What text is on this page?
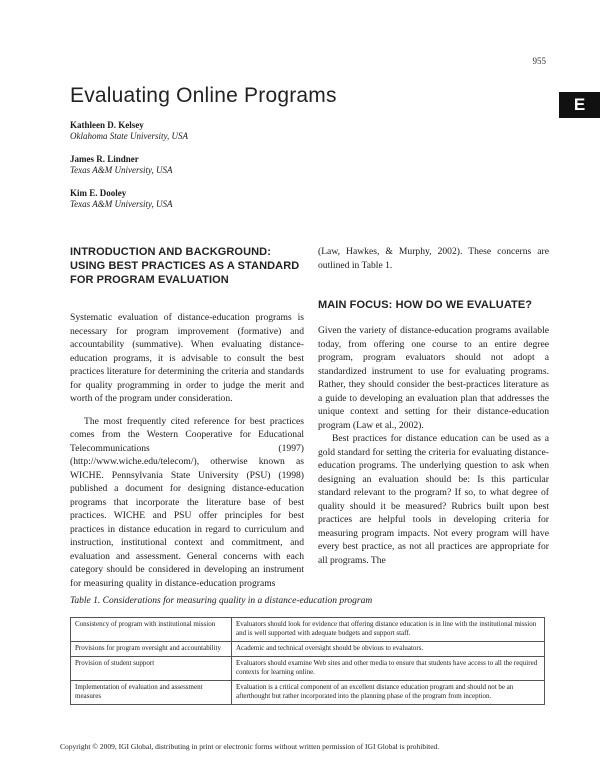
955
E
Evaluating Online Programs
Kathleen D. Kelsey
Oklahoma State University, USA
James R. Lindner
Texas A&M University, USA
Kim E. Dooley
Texas A&M University, USA
INTRODUCTION AND BACKGROUND: USING BEST PRACTICES AS A STANDARD FOR PROGRAM EVALUATION

Systematic evaluation of distance-education programs is necessary for program improvement (formative) and accountability (summative). When evaluating distance-education programs, it is advisable to consult the best practices literature for determining the criteria and standards for quality programming in order to judge the merit and worth of the program under consideration.

The most frequently cited reference for best practices comes from the Western Cooperative for Educational Telecommunications (1997) (http://www.wiche.edu/telecom/), otherwise known as WICHE. Pennsylvania State University (PSU) (1998) published a document for designing distance-education programs that incorporate the literature base of best practices. WICHE and PSU offer principles for best practices in distance education in regard to curriculum and instruction, institutional context and commitment, and evaluation and assessment. General concerns with each category should be considered in developing an instrument for measuring quality in distance-education programs

(Law, Hawkes, & Murphy, 2002). These concerns are outlined in Table 1.

MAIN FOCUS: HOW DO WE EVALUATE?

Given the variety of distance-education programs available today, from offering one course to an entire degree program, program evaluators should not adopt a standardized instrument to use for evaluating programs. Rather, they should consider the best-practices literature as a guide to developing an evaluation plan that addresses the unique context and setting for their distance-education program (Law et al., 2002).

Best practices for distance education can be used as a gold standard for setting the criteria for evaluating distance-education programs. The underlying question to ask when designing an evaluation should be: Is this particular standard relevant to the program? If so, to what degree of quality should it be measured? Rubrics built upon best practices are helpful tools in developing criteria for measuring program impacts. Not every program will have every best practice, as not all practices are appropriate for all programs. The

Table 1. Considerations for measuring quality in a distance-education program
Consistency of program with institutional mission	Evaluators should look for evidence that offering distance education is in line with the institutional mission and is well supported with adequate budgets and support staff.
Provisions for program oversight and accountability	Academic and technical oversight should be obvious to evaluators.
Provision of student support	Evaluators should examine Web sites and other media to ensure that students have access to all the required contexts for learning online.
Implementation of evaluation and assessment measures	Evaluation is a critical component of an excellent distance education program and should not be an afterthought but rather incorporated into the planning phase of the program from inception.
Copyright © 2009, IGI Global, distributing in print or electronic forms without written permission of IGI Global is prohibited.
